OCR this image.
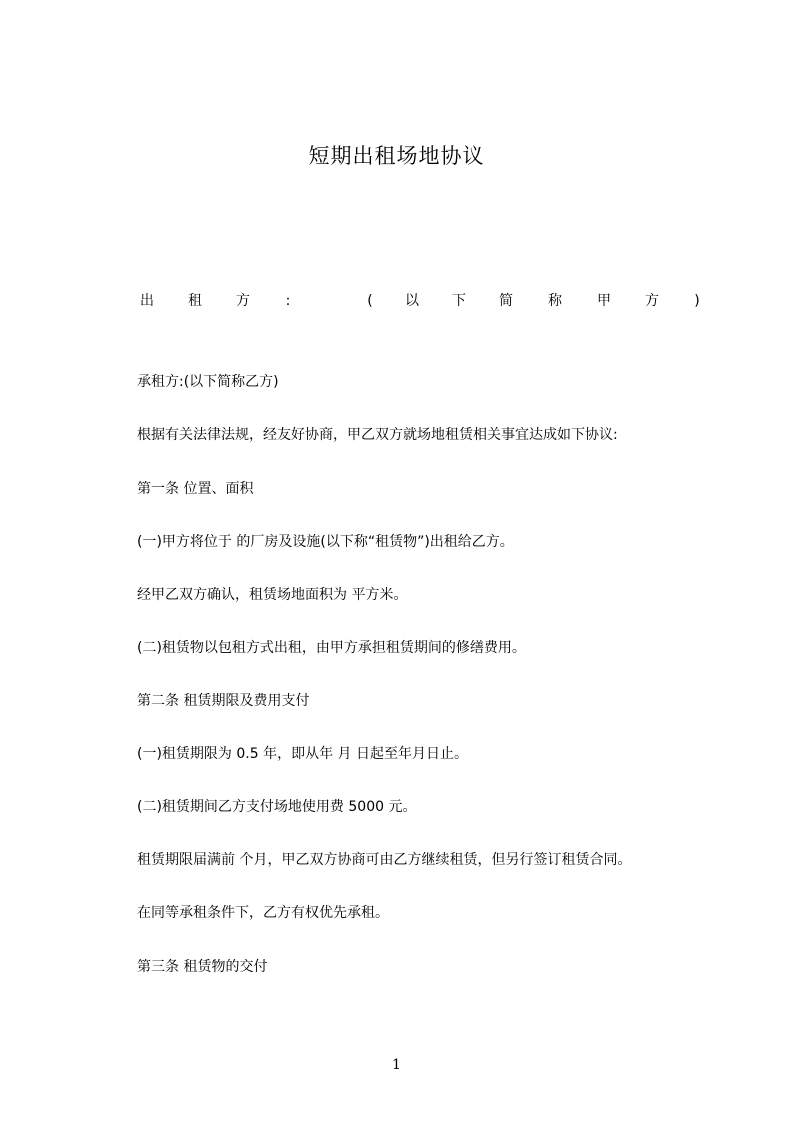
短期出租场地协议
出 租 方	:	( 以 下 简	称	甲 方	)
承租方:(以下简称乙方)
根据有关法律法规，经友好协商，甲乙双方就场地租赁相关事宜达成如下协议:
第一条 位置、面积
(一)甲方将位于 的厂房及设施(以下称“租赁物”)出租给乙方。
经甲乙双方确认，租赁场地面积为 平方米。
(二)租赁物以包租方式出租，由甲方承担租赁期间的修缮费用。
第二条 租赁期限及费用支付
(一)租赁期限为 0.5 年，即从年 月 日起至年月日止。
(二)租赁期间乙方支付场地使用费 5000 元。
租赁期限届满前 个月，甲乙双方协商可由乙方继续租赁，但另行签订租赁合同。
在同等承租条件下，乙方有权优先承租。
第三条 租赁物的交付
1
